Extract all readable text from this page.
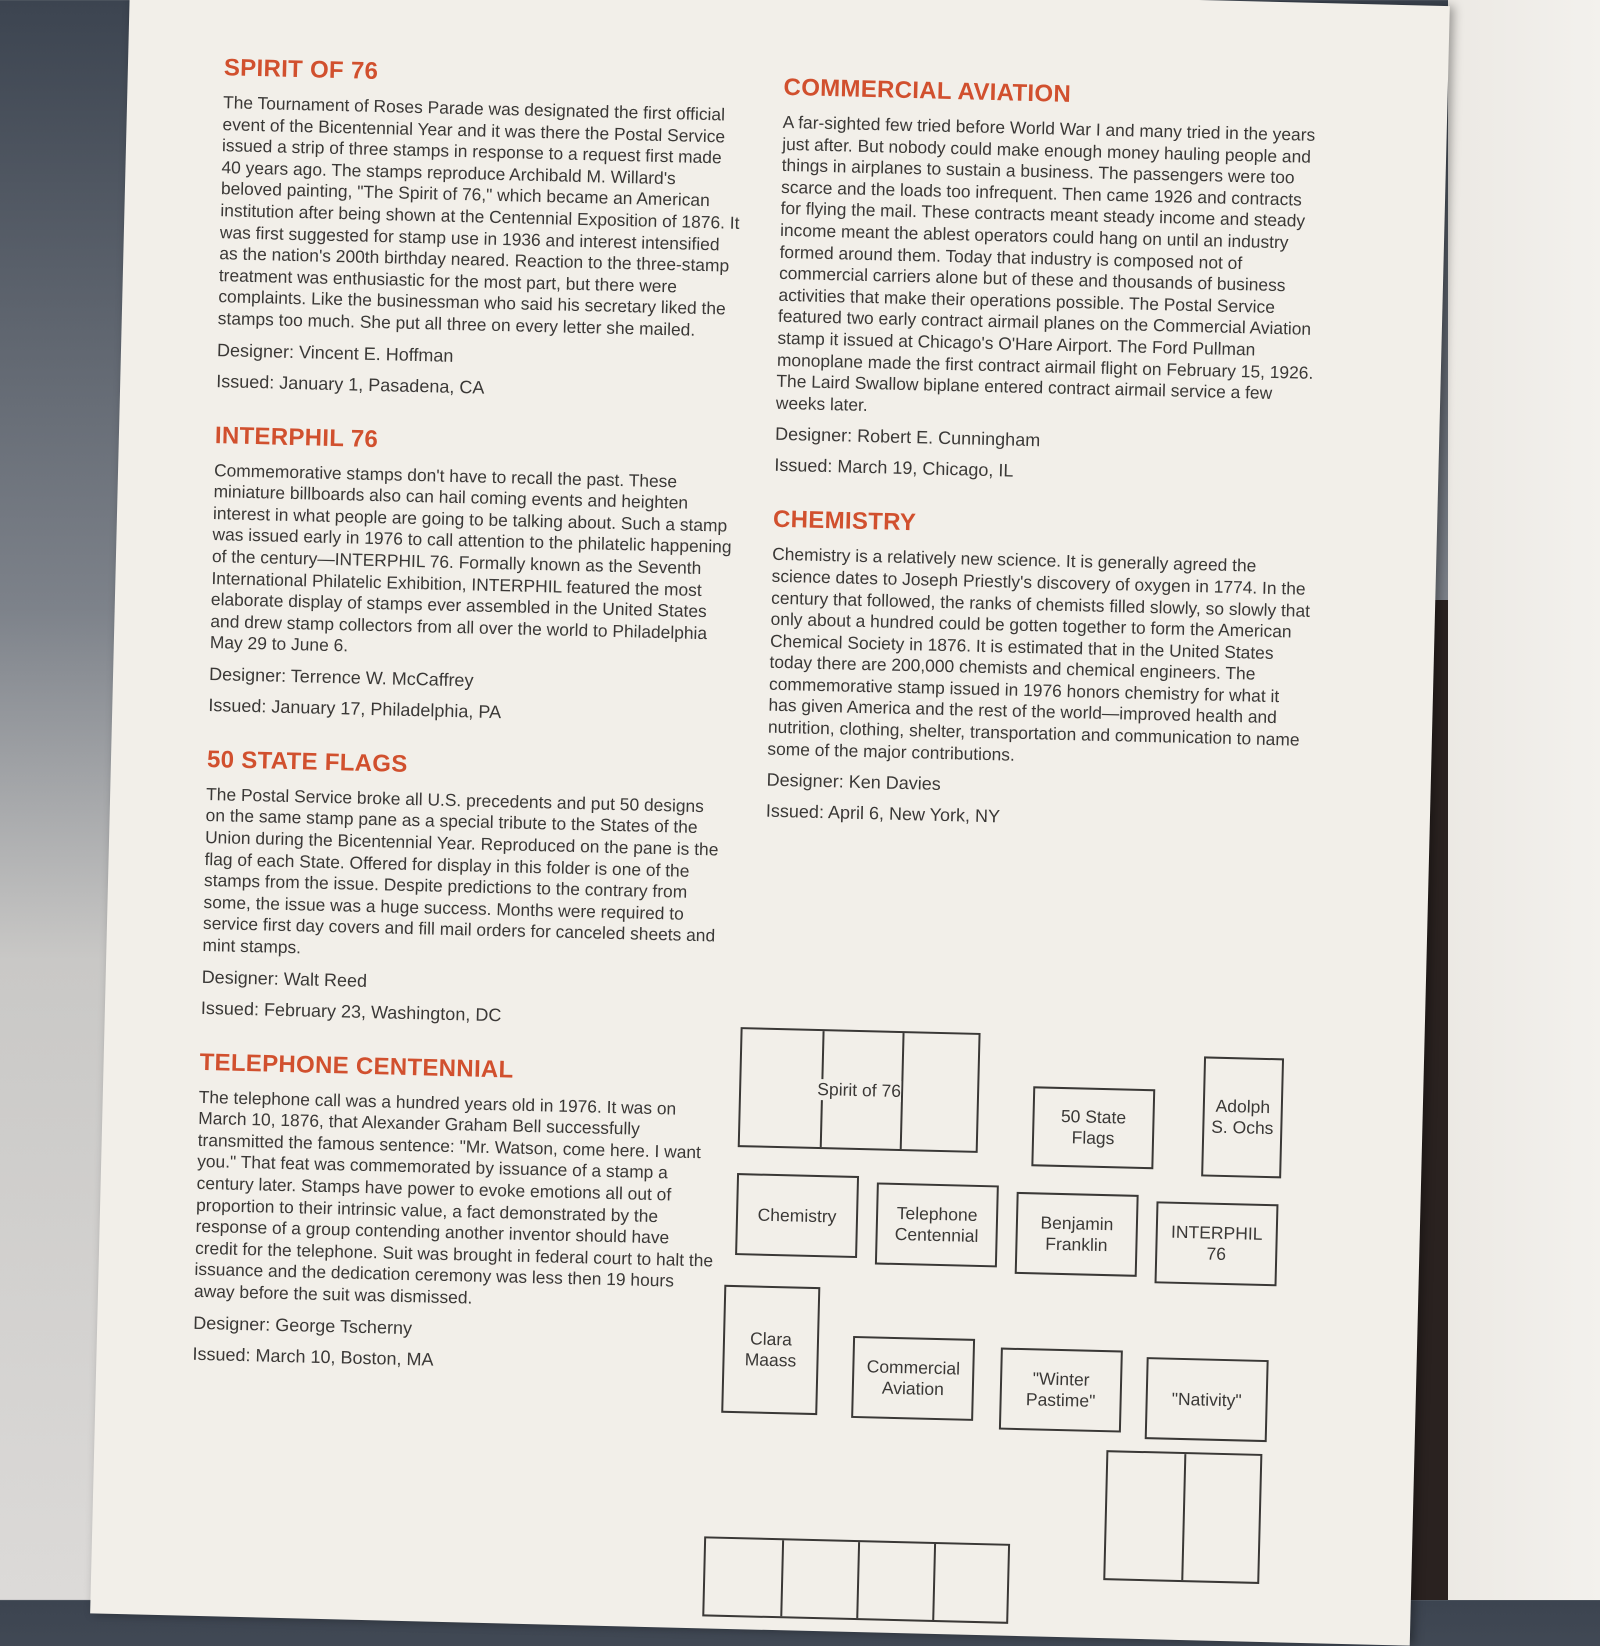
SPIRIT OF 76

The Tournament of Roses Parade was designated the first official event of the Bicentennial Year and it was there the Postal Service issued a strip of three stamps in response to a request first made 40 years ago. The stamps reproduce Archibald M. Willard's beloved painting, "The Spirit of 76," which became an American institution after being shown at the Centennial Exposition of 1876. It was first suggested for stamp use in 1936 and interest intensified as the nation's 200th birthday neared. Reaction to the three-stamp treatment was enthusiastic for the most part, but there were complaints. Like the businessman who said his secretary liked the stamps too much. She put all three on every letter she mailed.

Designer: Vincent E. Hoffman
Issued: January 1, Pasadena, CA
INTERPHIL 76

Commemorative stamps don't have to recall the past. These miniature billboards also can hail coming events and heighten interest in what people are going to be talking about. Such a stamp was issued early in 1976 to call attention to the philatelic happening of the century—INTERPHIL 76. Formally known as the Seventh International Philatelic Exhibition, INTERPHIL featured the most elaborate display of stamps ever assembled in the United States and drew stamp collectors from all over the world to Philadelphia May 29 to June 6.

Designer: Terrence W. McCaffrey
Issued: January 17, Philadelphia, PA
50 STATE FLAGS

The Postal Service broke all U.S. precedents and put 50 designs on the same stamp pane as a special tribute to the States of the Union during the Bicentennial Year. Reproduced on the pane is the flag of each State. Offered for display in this folder is one of the stamps from the issue. Despite predictions to the contrary from some, the issue was a huge success. Months were required to service first day covers and fill mail orders for canceled sheets and mint stamps.

Designer: Walt Reed
Issued: February 23, Washington, DC
TELEPHONE CENTENNIAL

The telephone call was a hundred years old in 1976. It was on March 10, 1876, that Alexander Graham Bell successfully transmitted the famous sentence: "Mr. Watson, come here. I want you." That feat was commemorated by issuance of a stamp a century later. Stamps have power to evoke emotions all out of proportion to their intrinsic value, a fact demonstrated by the response of a group contending another inventor should have credit for the telephone. Suit was brought in federal court to halt the issuance and the dedication ceremony was less then 19 hours away before the suit was dismissed.

Designer: George Tscherny
Issued: March 10, Boston, MA
COMMERCIAL AVIATION

A far-sighted few tried before World War I and many tried in the years just after. But nobody could make enough money hauling people and things in airplanes to sustain a business. The passengers were too scarce and the loads too infrequent. Then came 1926 and contracts for flying the mail. These contracts meant steady income and steady income meant the ablest operators could hang on until an industry formed around them. Today that industry is composed not of commercial carriers alone but of these and thousands of business activities that make their operations possible. The Postal Service featured two early contract airmail planes on the Commercial Aviation stamp it issued at Chicago's O'Hare Airport. The Ford Pullman monoplane made the first contract airmail flight on February 15, 1926. The Laird Swallow biplane entered contract airmail service a few weeks later.

Designer: Robert E. Cunningham
Issued: March 19, Chicago, IL
CHEMISTRY

Chemistry is a relatively new science. It is generally agreed the science dates to Joseph Priestly's discovery of oxygen in 1774. In the century that followed, the ranks of chemists filled slowly, so slowly that only about a hundred could be gotten together to form the American Chemical Society in 1876. It is estimated that in the United States today there are 200,000 chemists and chemical engineers. The commemorative stamp issued in 1976 honors chemistry for what it has given America and the rest of the world—improved health and nutrition, clothing, shelter, transportation and communication to name some of the major contributions.

Designer: Ken Davies
Issued: April 6, New York, NY
Spirit of 76
50 State
Flags
Adolph
S. Ochs
Chemistry	Telephone
Centennial
Benjamin
Franklin
INTERPHIL
76
Clara
Maass	Commercial
Aviation	"Winter
Pastime"	"Nativity"
